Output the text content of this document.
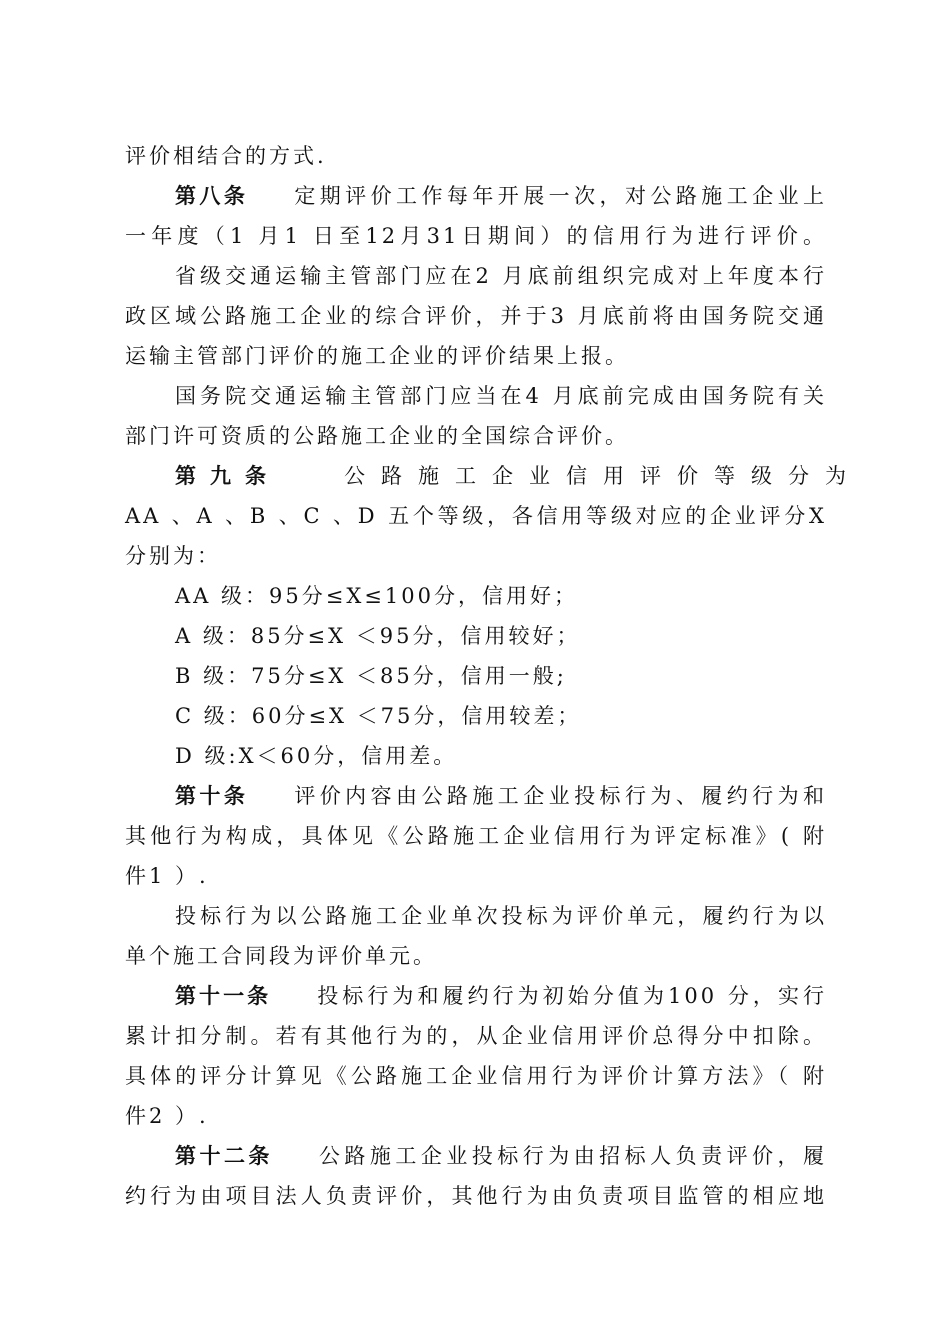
评价相结合的方式.
第八条 定期评价工作每年开展一次，对公路施工企业上
一年度（1 月1 日至12月31日期间）的信用行为进行评价。
省级交通运输主管部门应在2 月底前组织完成对上年度本行
政区域公路施工企业的综合评价，并于3 月底前将由国务院交通
运输主管部门评价的施工企业的评价结果上报。
国务院交通运输主管部门应当在4 月底前完成由国务院有关
部门许可资质的公路施工企业的全国综合评价。
第九条	公路施工企业信用评价等级分为
AA 、A 、B 、C 、D 五个等级，各信用等级对应的企业评分X
分别为：
AA 级：95分≤X≤100分，信用好；
A 级：85分≤X ＜95分，信用较好；
B 级：75分≤X ＜85分，信用一般;
C 级：60分≤X ＜75分，信用较差；
D 级:X＜60分，信用差。
第十条 评价内容由公路施工企业投标行为、履约行为和
其他行为构成，具体见《公路施工企业信用行为评定标准》( 附
件1 ）.
投标行为以公路施工企业单次投标为评价单元，履约行为以
单个施工合同段为评价单元。
第十一条 投标行为和履约行为初始分值为100 分，实行
累计扣分制。若有其他行为的，从企业信用评价总得分中扣除。
具体的评分计算见《公路施工企业信用行为评价计算方法》（ 附
件2 ）.
第十二条 公路施工企业投标行为由招标人负责评价，履
约行为由项目法人负责评价，其他行为由负责项目监管的相应地
